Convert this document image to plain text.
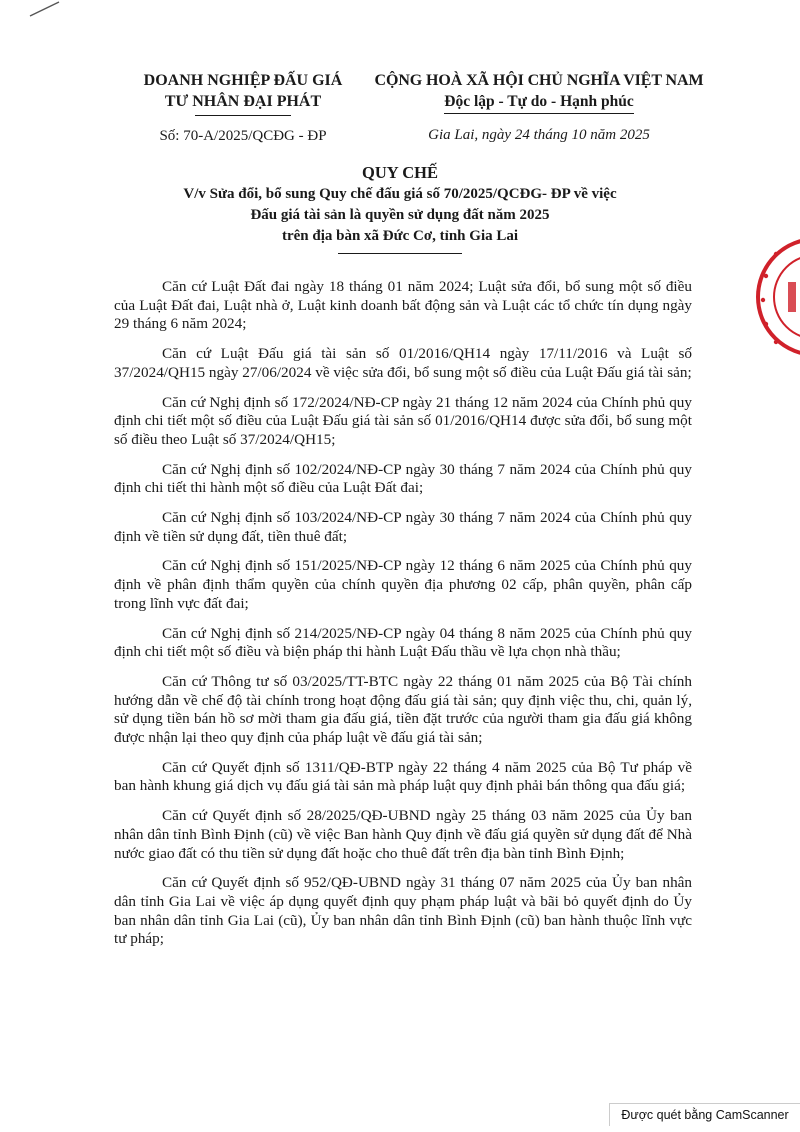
DOANH NGHIỆP ĐẤU GIÁ
TƯ NHÂN ĐẠI PHÁT
Số: 70-A/2025/QCĐG - ĐP
CỘNG HOÀ XÃ HỘI CHỦ NGHĨA VIỆT NAM
Độc lập - Tự do - Hạnh phúc
Gia Lai, ngày 24 tháng 10 năm 2025
QUY CHẾ
V/v Sửa đổi, bổ sung Quy chế đấu giá số 70/2025/QCĐG- ĐP về việc
Đấu giá tài sản là quyền sử dụng đất năm 2025
trên địa bàn xã Đức Cơ, tỉnh Gia Lai

Căn cứ Luật Đất đai ngày 18 tháng 01 năm 2024; Luật sửa đổi, bổ sung một số điều của Luật Đất đai, Luật nhà ở, Luật kinh doanh bất động sản và Luật các tổ chức tín dụng ngày 29 tháng 6 năm 2024;

Căn cứ Luật Đấu giá tài sản số 01/2016/QH14 ngày 17/11/2016 và Luật số 37/2024/QH15 ngày 27/06/2024 về việc sửa đổi, bổ sung một số điều của Luật Đấu giá tài sản;

Căn cứ Nghị định số 172/2024/NĐ-CP ngày 21 tháng 12 năm 2024 của Chính phủ quy định chi tiết một số điều của Luật Đấu giá tài sản số 01/2016/QH14 được sửa đổi, bổ sung một số điều theo Luật số 37/2024/QH15;

Căn cứ Nghị định số 102/2024/NĐ-CP ngày 30 tháng 7 năm 2024 của Chính phủ quy định chi tiết thi hành một số điều của Luật Đất đai;

Căn cứ Nghị định số 103/2024/NĐ-CP ngày 30 tháng 7 năm 2024 của Chính phủ quy định về tiền sử dụng đất, tiền thuê đất;

Căn cứ Nghị định số 151/2025/NĐ-CP ngày 12 tháng 6 năm 2025 của Chính phủ quy định về phân định thẩm quyền của chính quyền địa phương 02 cấp, phân quyền, phân cấp trong lĩnh vực đất đai;

Căn cứ Nghị định số 214/2025/NĐ-CP ngày 04 tháng 8 năm 2025 của Chính phủ quy định chi tiết một số điều và biện pháp thi hành Luật Đấu thầu về lựa chọn nhà thầu;

Căn cứ Thông tư số 03/2025/TT-BTC ngày 22 tháng 01 năm 2025 của Bộ Tài chính hướng dẫn về chế độ tài chính trong hoạt động đấu giá tài sản; quy định việc thu, chi, quản lý, sử dụng tiền bán hồ sơ mời tham gia đấu giá, tiền đặt trước của người tham gia đấu giá không được nhận lại theo quy định của pháp luật về đấu giá tài sản;

Căn cứ Quyết định số 1311/QĐ-BTP ngày 22 tháng 4 năm 2025 của Bộ Tư pháp về ban hành khung giá dịch vụ đấu giá tài sản mà pháp luật quy định phải bán thông qua đấu giá;

Căn cứ Quyết định số 28/2025/QĐ-UBND ngày 25 tháng 03 năm 2025 của Ủy ban nhân dân tỉnh Bình Định (cũ) về việc Ban hành Quy định về đấu giá quyền sử dụng đất để Nhà nước giao đất có thu tiền sử dụng đất hoặc cho thuê đất trên địa bàn tỉnh Bình Định;

Căn cứ Quyết định số 952/QĐ-UBND ngày 31 tháng 07 năm 2025 của Ủy ban nhân dân tỉnh Gia Lai về việc áp dụng quyết định quy phạm pháp luật và bãi bỏ quyết định do Ủy ban nhân dân tỉnh Gia Lai (cũ), Ủy ban nhân dân tỉnh Bình Định (cũ) ban hành thuộc lĩnh vực tư pháp;

Được quét bằng CamScanner
